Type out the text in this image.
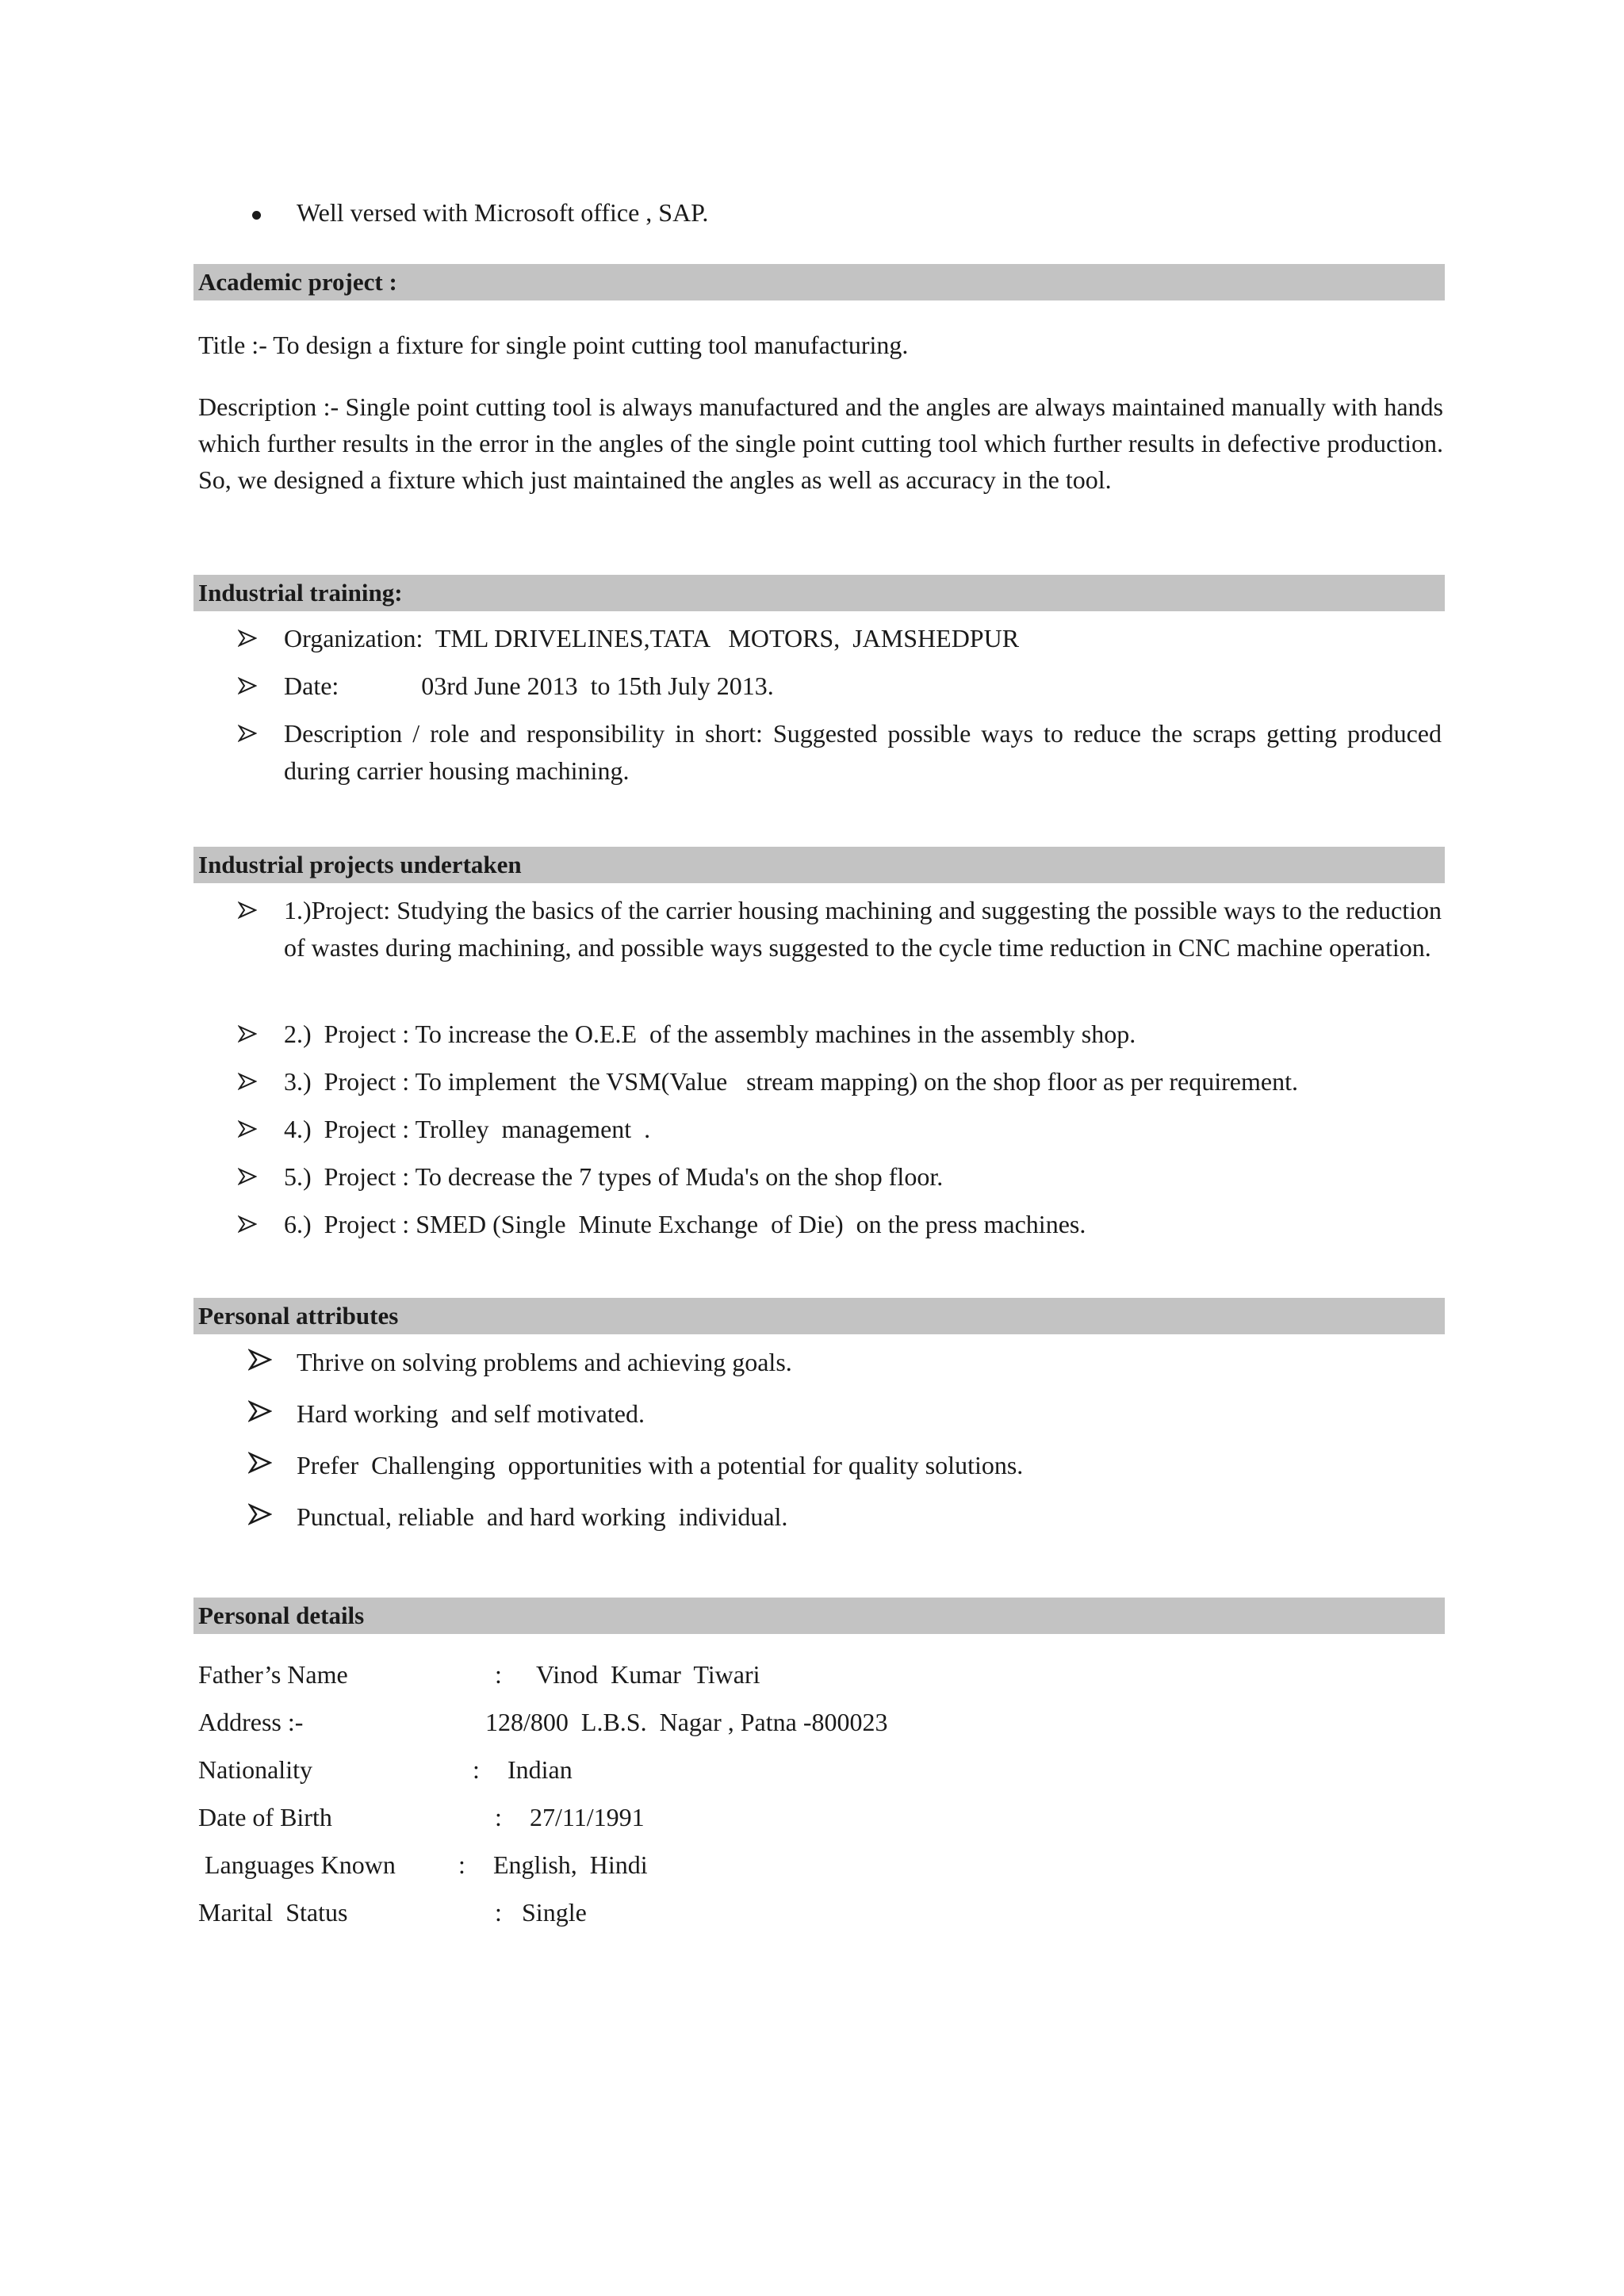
Well versed with Microsoft office , SAP.
Academic project :
Title :- To design a fixture for single point cutting tool manufacturing.
Description :- Single point cutting tool is always manufactured and the angles are always maintained manually with hands which further results in the error in the angles of the single point cutting tool which further results in defective production. So, we designed a fixture which just maintained the angles as well as accuracy in the tool.
Industrial training:
Organization:  TML DRIVELINES,TATA   MOTORS,  JAMSHEDPUR
Date:             03rd June 2013  to 15th July 2013.
Description / role and responsibility in short: Suggested possible ways to reduce the scraps getting produced during carrier housing machining.
Industrial projects undertaken
1.)Project: Studying the basics of the carrier housing machining and suggesting the possible ways to the reduction of wastes during machining, and possible ways suggested to the cycle time reduction in CNC machine operation.
2.)  Project : To increase the O.E.E  of the assembly machines in the assembly shop.
3.)  Project : To implement  the VSM(Value   stream mapping) on the shop floor as per requirement.
4.)  Project : Trolley  management  .
5.)  Project : To decrease the 7 types of Muda's on the shop floor.
6.)  Project : SMED (Single  Minute Exchange  of Die)  on the press machines.
Personal attributes
Thrive on solving problems and achieving goals.
Hard working  and self motivated.
Prefer  Challenging  opportunities with a potential for quality solutions.
Punctual, reliable  and hard working  individual.
Personal details
Father’s Name	: Vinod  Kumar  Tiwari
Address :-	128/800  L.B.S.  Nagar , Patna -800023
Nationality	: Indian
Date of Birth	: 27/11/1991
Languages Known : English,  Hindi
Marital  Status	: Single
